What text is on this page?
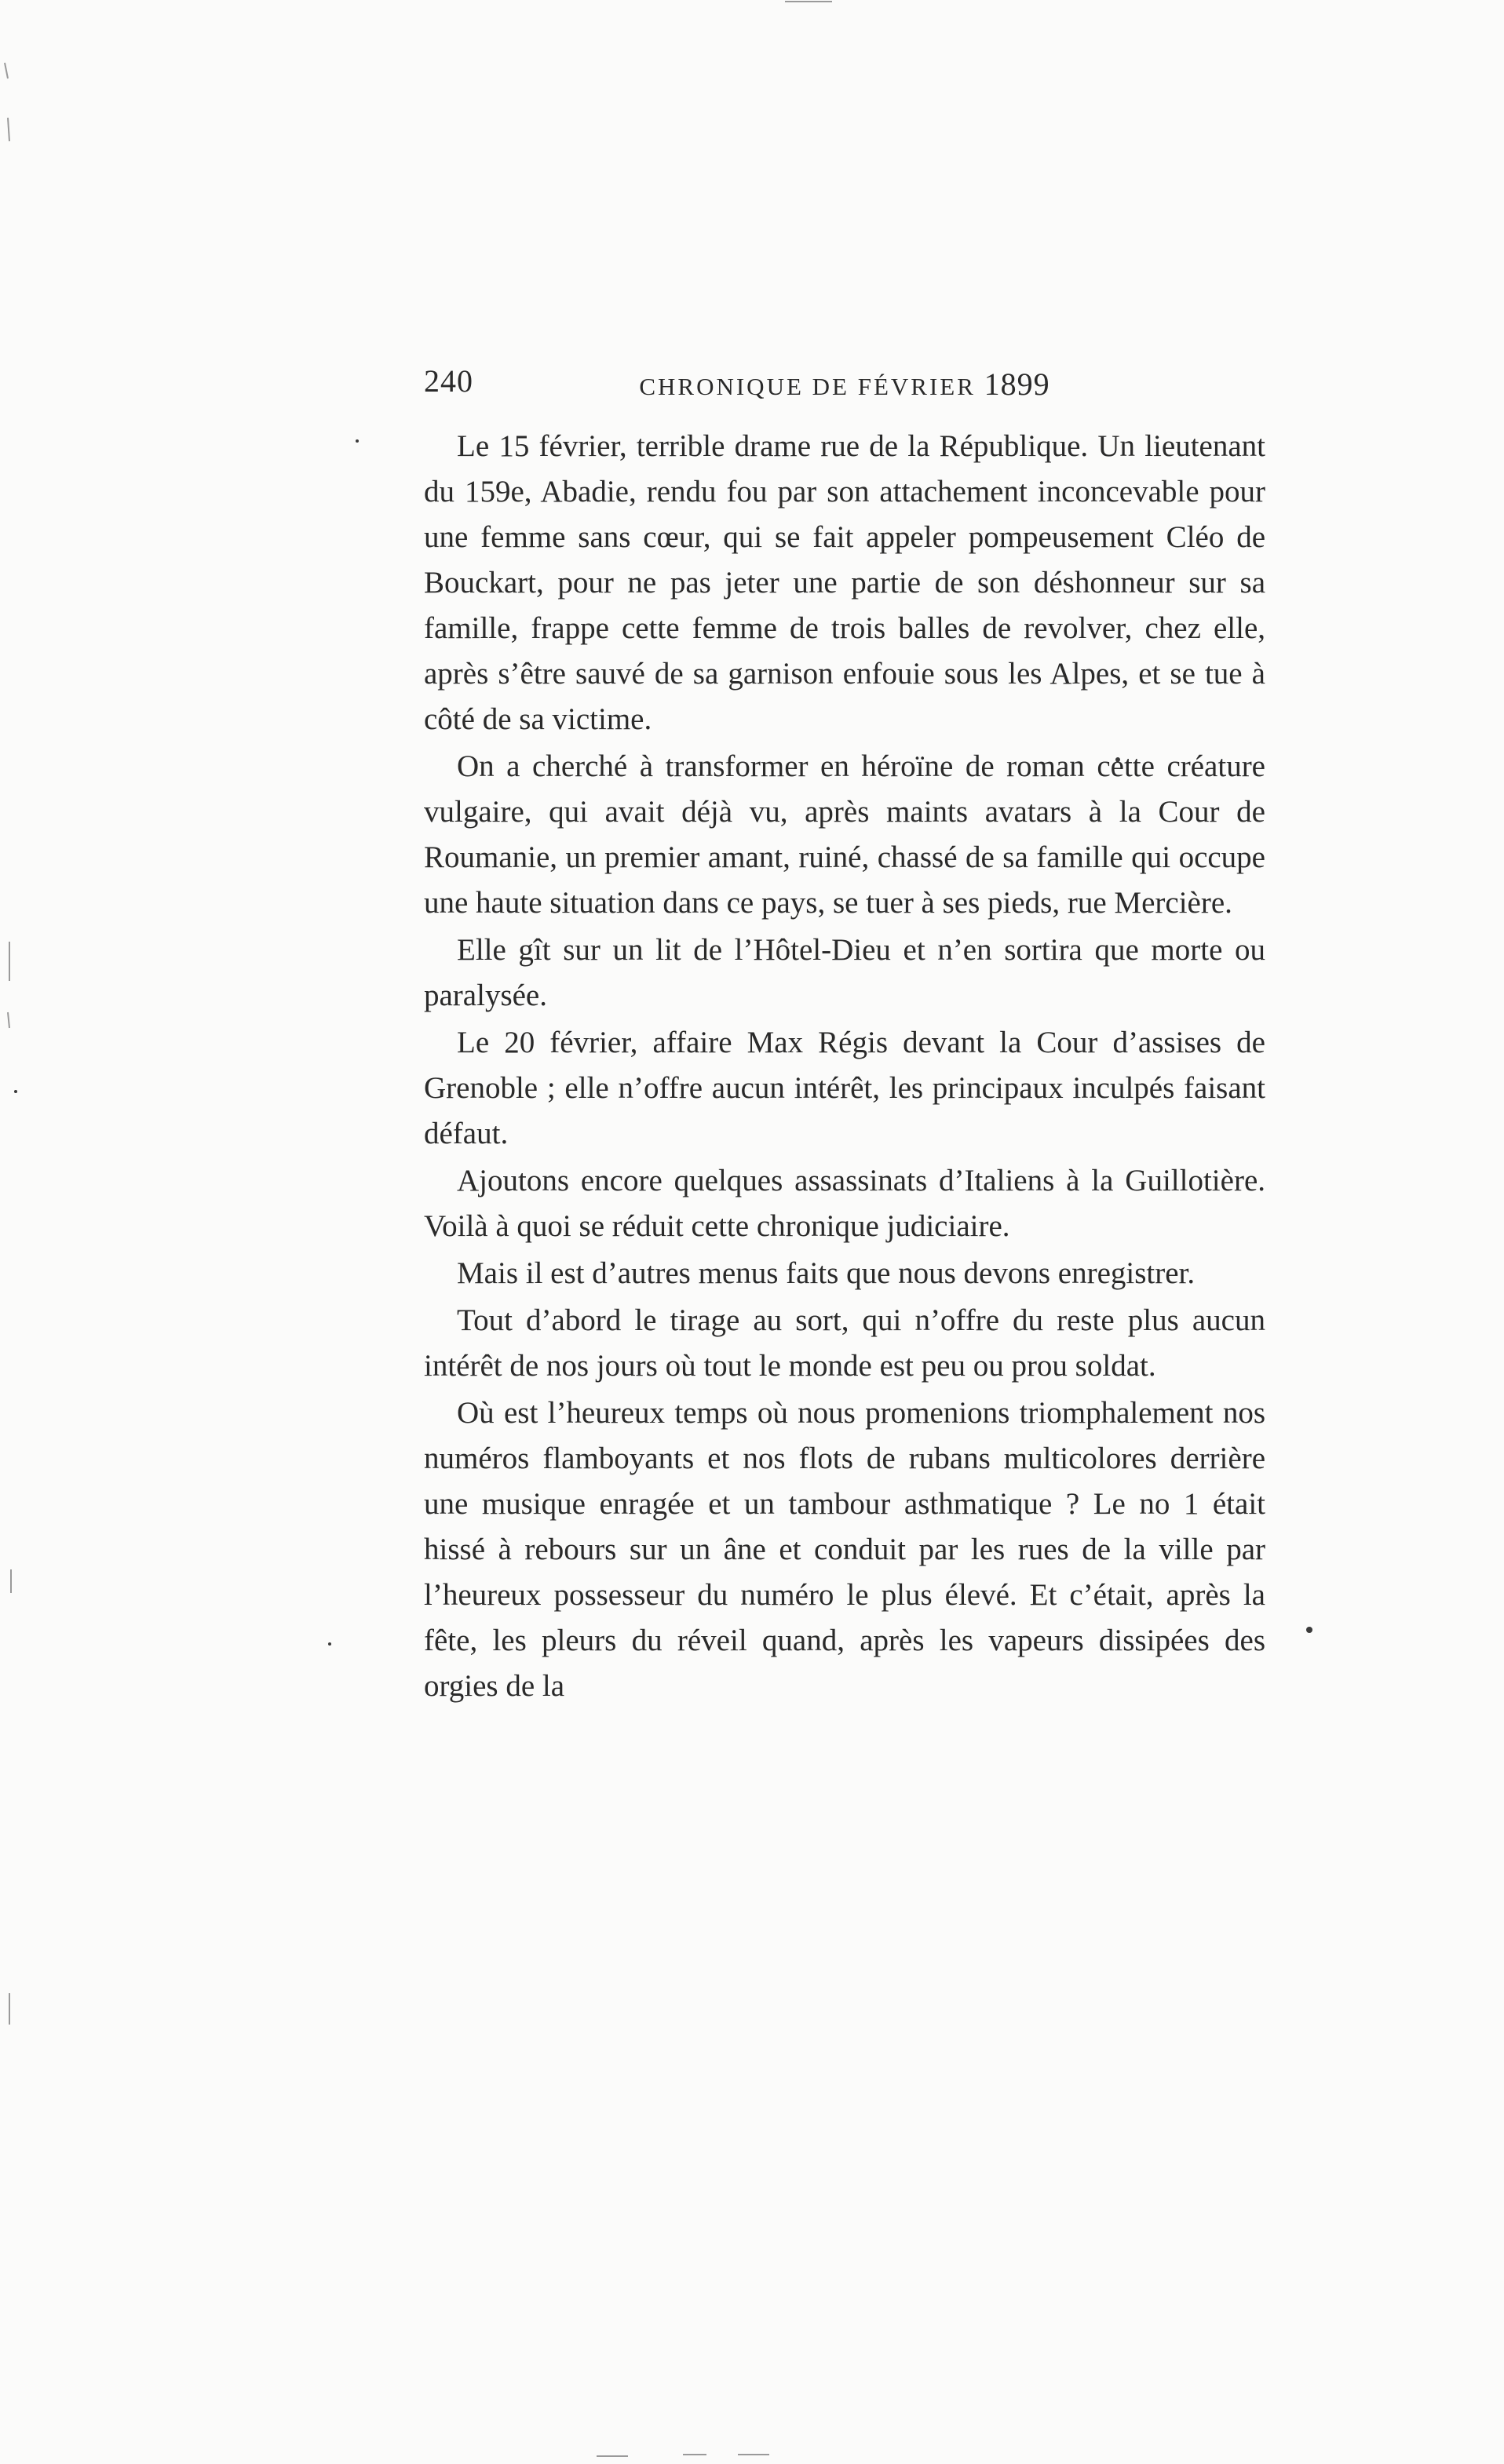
240	CHRONIQUE DE FÉVRIER 1899

Le 15 février, terrible drame rue de la République. Un lieutenant du 159e, Abadie, rendu fou par son attachement inconcevable pour une femme sans cœur, qui se fait appeler pompeusement Cléo de Bouckart, pour ne pas jeter une partie de son déshonneur sur sa famille, frappe cette femme de trois balles de revolver, chez elle, après s’être sauvé de sa garnison enfouie sous les Alpes, et se tue à côté de sa victime.

On a cherché à transformer en héroïne de roman cette créature vulgaire, qui avait déjà vu, après maints avatars à la Cour de Roumanie, un premier amant, ruiné, chassé de sa famille qui occupe une haute situation dans ce pays, se tuer à ses pieds, rue Mercière.

Elle gît sur un lit de l’Hôtel-Dieu et n’en sortira que morte ou paralysée.

Le 20 février, affaire Max Régis devant la Cour d’assises de Grenoble ; elle n’offre aucun intérêt, les principaux inculpés faisant défaut.

Ajoutons encore quelques assassinats d’Italiens à la Guillotière. Voilà à quoi se réduit cette chronique judiciaire.

Mais il est d’autres menus faits que nous devons enregistrer.

Tout d’abord le tirage au sort, qui n’offre du reste plus aucun intérêt de nos jours où tout le monde est peu ou prou soldat.

Où est l’heureux temps où nous promenions triomphalement nos numéros flamboyants et nos flots de rubans multicolores derrière une musique enragée et un tambour asthmatique ? Le no 1 était hissé à rebours sur un âne et conduit par les rues de la ville par l’heureux possesseur du numéro le plus élevé. Et c’était, après la fête, les pleurs du réveil quand, après les vapeurs dissipées des orgies de la
